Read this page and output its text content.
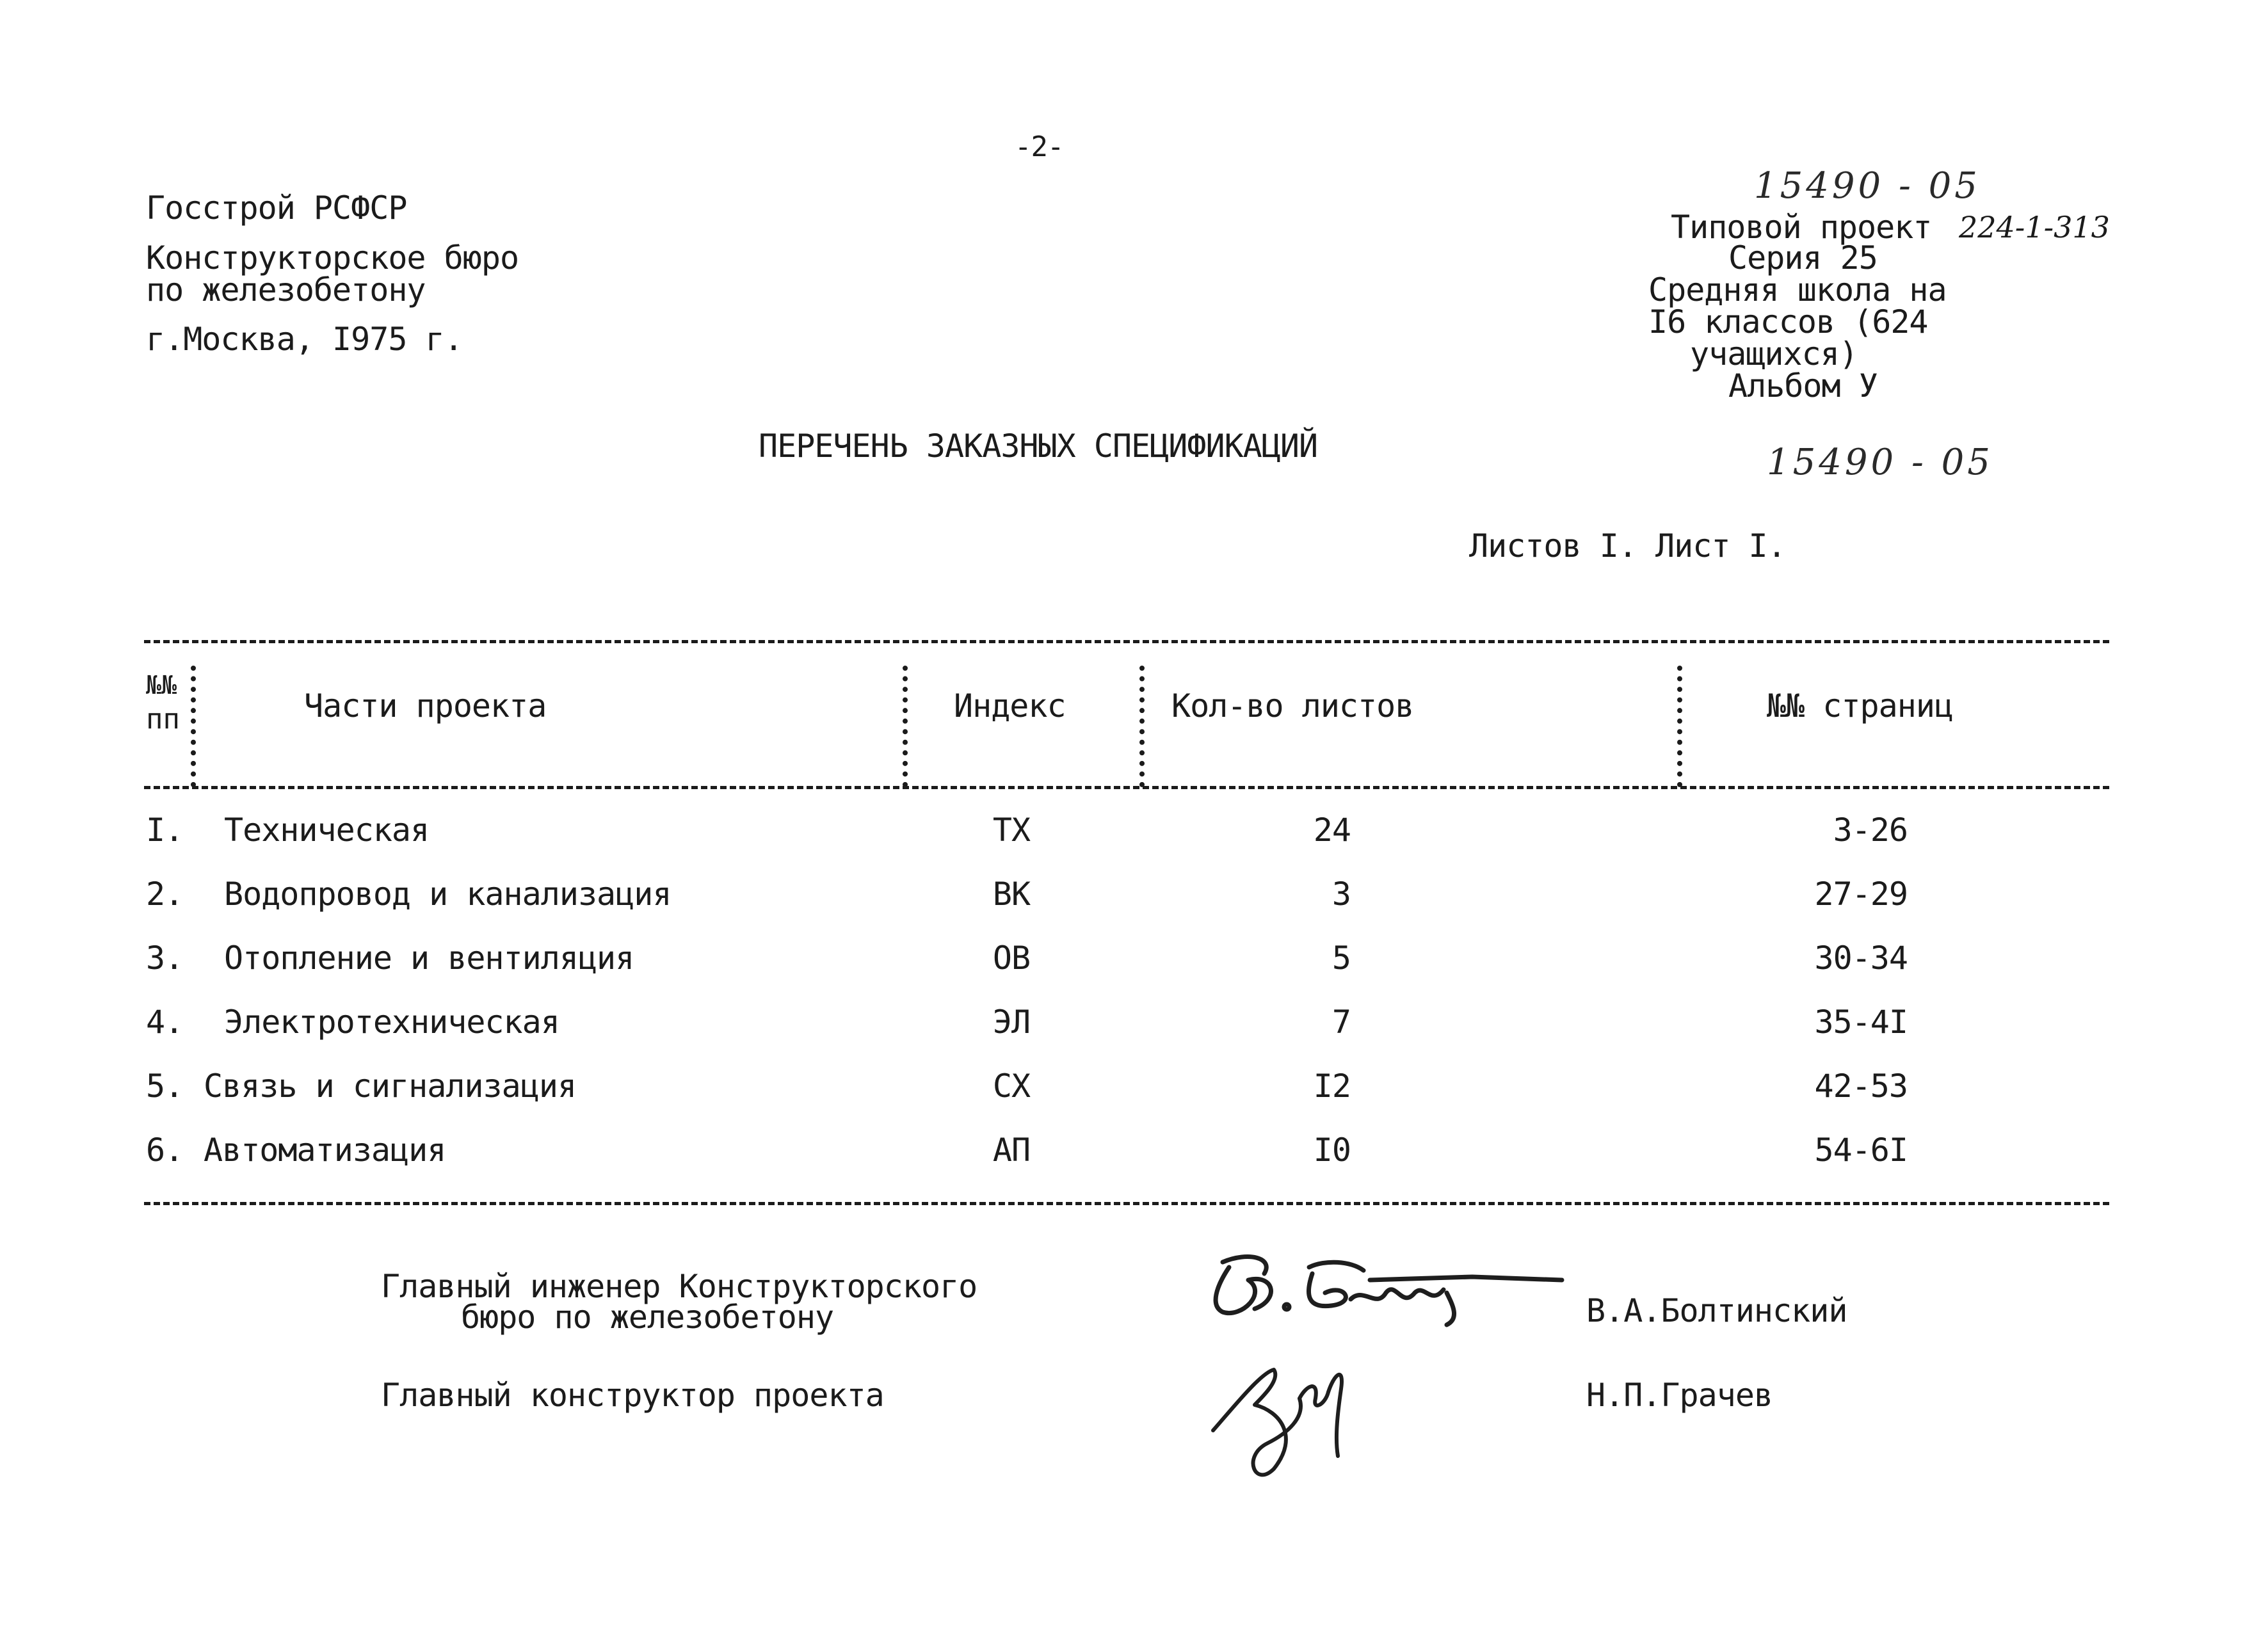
-2-
Госстрой РСФСР
Конструкторское бюро
по железобетону
г.Москва, I975 г.
15490 - 05
Типовой проект 224-1-313
Серия 25
Средняя школа на
I6 классов (624
учащихся)
Альбом У
15490 - 05
ПЕРЕЧЕНЬ ЗАКАЗНЫХ СПЕЦИФИКАЦИЙ
Листов I. Лист I.
№№
пп	Части проекта	Индекс	Кол-во листов	№№ страниц
I. Техническая	ТХ	24	3-26
2. Водопровод и канализация	ВК	3	27-29
3. Отопление и вентиляция	ОВ	5	30-34
4. Электротехническая	ЭЛ	7	35-4I
5. Связь и сигнализация	СХ	I2	42-53
6. Автоматизация	АП	I0	54-6I
Главный инженер Конструкторского
бюро по железобетону	В.А.Болтинский
Главный конструктор проекта	Н.П.Грачев
